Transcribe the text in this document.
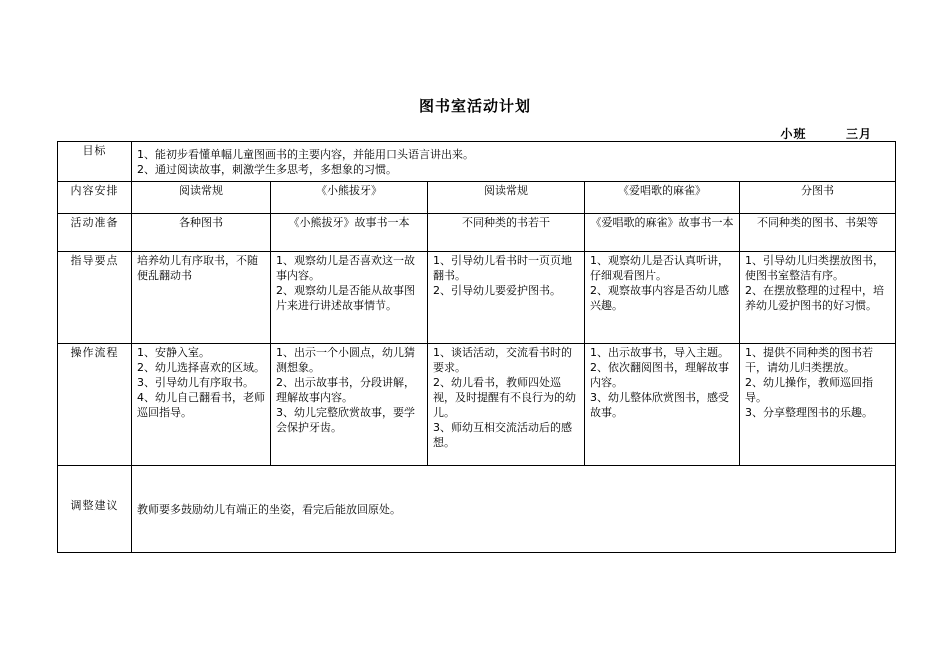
图书室活动计划
小班   三月
目标	1、能初步看懂单幅儿童图画书的主要内容，并能用口头语言讲出来。
2、通过阅读故事，刺激学生多思考，多想象的习惯。				

内容安排	阅读常规	《小熊拔牙》	阅读常规	《爱唱歌的麻雀》	分图书
活动准备	各种图书	《小熊拔牙》故事书一本	不同种类的书若干	《爱唱歌的麻雀》故事书一本	不同种类的图书、书架等
指导要点	培养幼儿有序取书，不随便乱翻动书	1、观察幼儿是否喜欢这一故事内容。
2、观察幼儿是否能从故事图片来进行讲述故事情节。	1、引导幼儿看书时一页页地翻书。
2、引导幼儿要爱护图书。	1、观察幼儿是否认真听讲，仔细观看图片。
2、观察故事内容是否幼儿感兴趣。	1、引导幼儿归类摆放图书，使图书室整洁有序。
2、在摆放整理的过程中，培养幼儿爱护图书的好习惯。

操作流程	1、安静入室。
2、幼儿选择喜欢的区域。
3、引导幼儿有序取书。
4、幼儿自己翻看书，老师巡回指导。	1、出示一个小圆点，幼儿猜测想象。
2、出示故事书，分段讲解，理解故事内容。
3、幼儿完整欣赏故事，要学会保护牙齿。	1、谈话活动，交流看书时的要求。
2、幼儿看书，教师四处巡视，及时提醒有不良行为的幼儿。
3、师幼互相交流活动后的感想。	1、出示故事书，导入主题。
2、依次翻阅图书，理解故事内容。
3、幼儿整体欣赏图书，感受故事。	1、提供不同种类的图书若干，请幼儿归类摆放。
2、幼儿操作，教师巡回指导。
3、分享整理图书的乐趣。

调整建议	教师要多鼓励幼儿有端正的坐姿，看完后能放回原处。				
